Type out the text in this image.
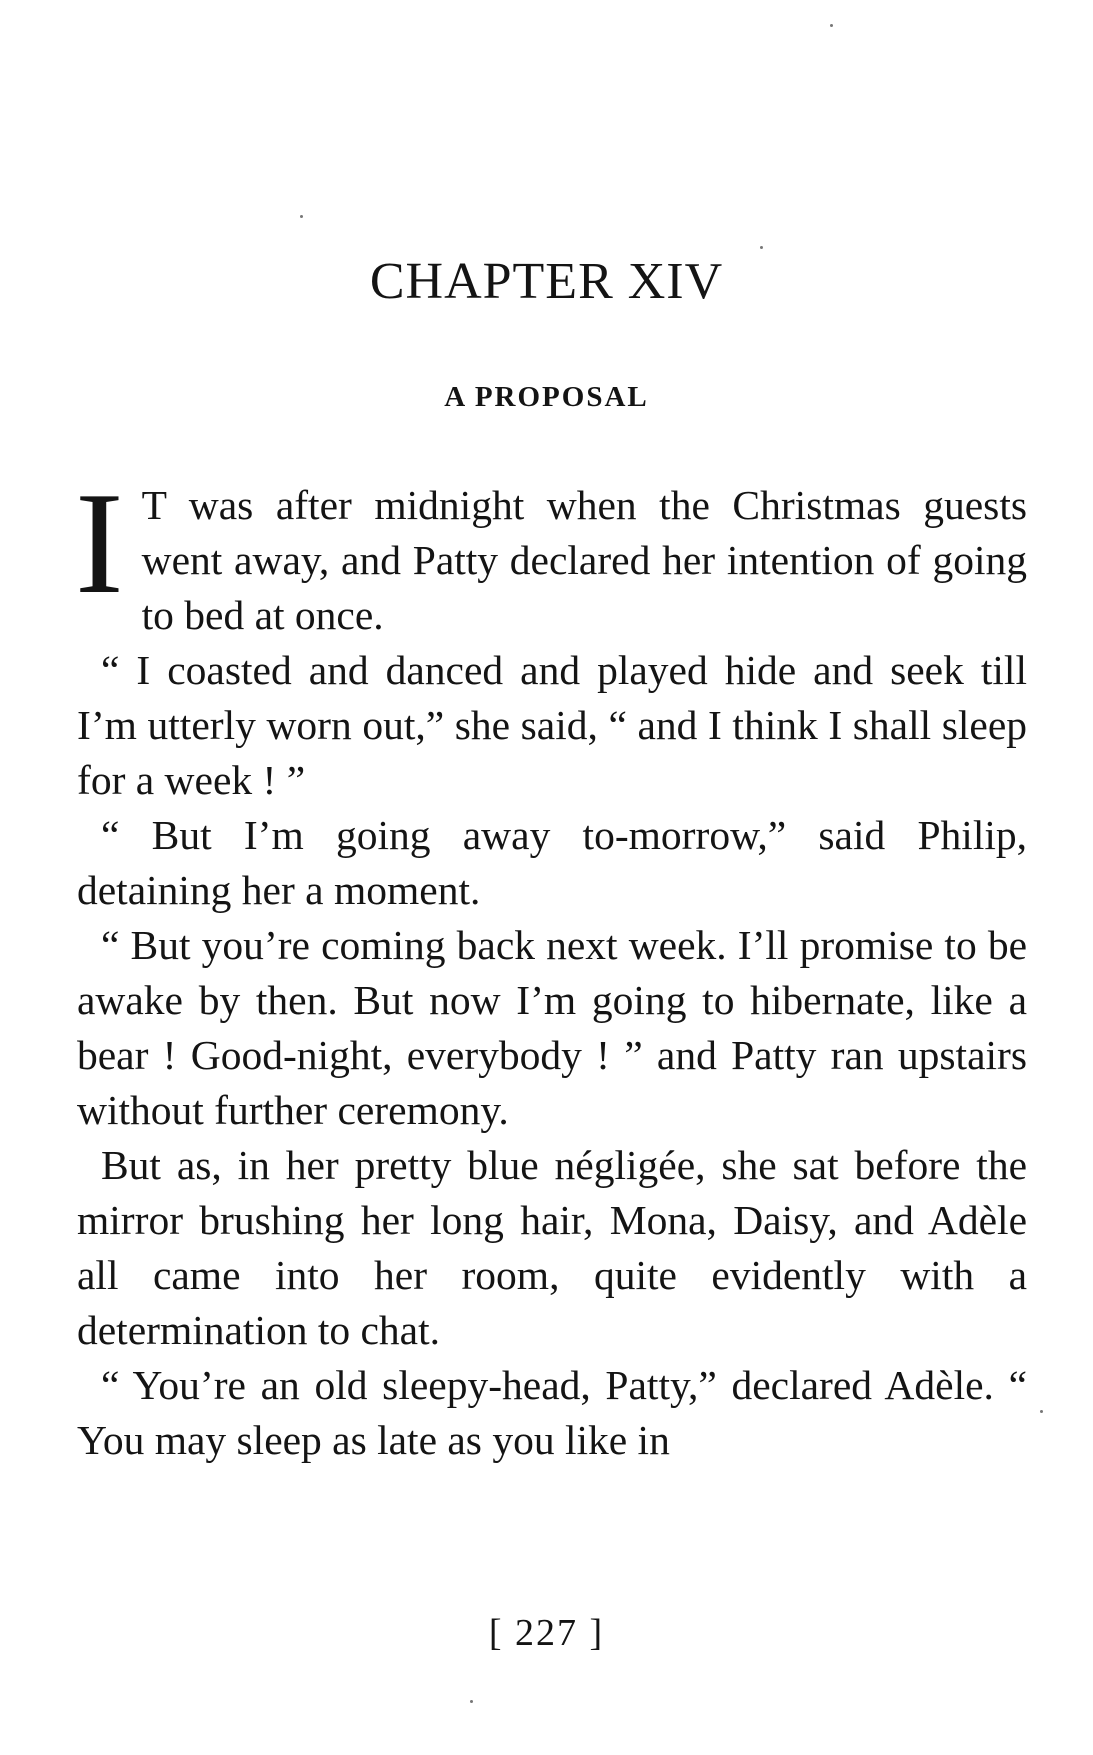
CHAPTER XIV
A PROPOSAL

I T was after midnight when the Christmas guests went away, and Patty declared her intention of going to bed at once.

“ I coasted and danced and played hide and seek till I’m utterly worn out,” she said, “ and I think I shall sleep for a week ! ”

“ But I’m going away to-morrow,” said Philip, detaining her a moment.

“ But you’re coming back next week. I’ll promise to be awake by then. But now I’m going to hibernate, like a bear ! Good-night, everybody ! ” and Patty ran upstairs without further ceremony.

But as, in her pretty blue négligée, she sat before the mirror brushing her long hair, Mona, Daisy, and Adèle all came into her room, quite evidently with a determination to chat.

“ You’re an old sleepy-head, Patty,” declared Adèle. “ You may sleep as late as you like in

[ 227 ]
